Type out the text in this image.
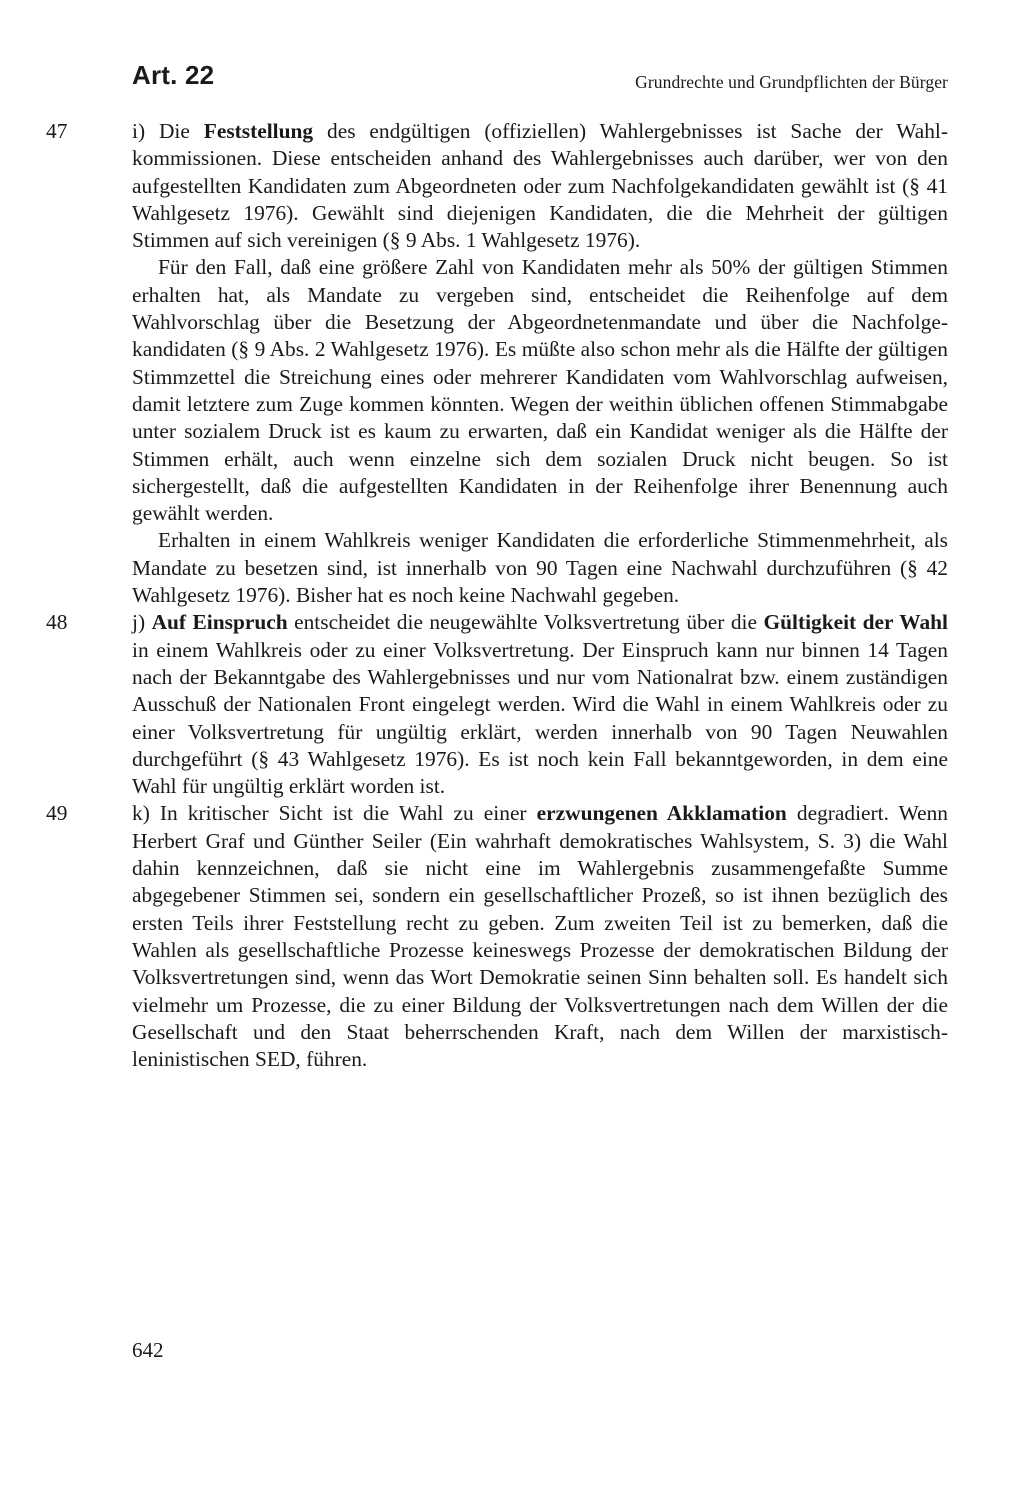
Art. 22	Grundrechte und Grundpflichten der Bürger

47	i) Die Feststellung des endgültigen (offiziellen) Wahlergebnisses ist Sache der Wahlkommissionen. Diese entscheiden anhand des Wahlergebnisses auch darüber, wer von den aufgestellten Kandidaten zum Abgeordneten oder zum Nachfolgekandidaten gewählt ist (§ 41 Wahlgesetz 1976). Gewählt sind diejenigen Kandidaten, die die Mehrheit der gültigen Stimmen auf sich vereinigen (§ 9 Abs. 1 Wahlgesetz 1976).

Für den Fall, daß eine größere Zahl von Kandidaten mehr als 50% der gültigen Stimmen erhalten hat, als Mandate zu vergeben sind, entscheidet die Reihenfolge auf dem Wahlvorschlag über die Besetzung der Abgeordnetenmandate und über die Nachfolgekandidaten (§ 9 Abs. 2 Wahlgesetz 1976). Es müßte also schon mehr als die Hälfte der gültigen Stimmzettel die Streichung eines oder mehrerer Kandidaten vom Wahlvorschlag aufweisen, damit letztere zum Zuge kommen könnten. Wegen der weithin üblichen offenen Stimmabgabe unter sozialem Druck ist es kaum zu erwarten, daß ein Kandidat weniger als die Hälfte der Stimmen erhält, auch wenn einzelne sich dem sozialen Druck nicht beugen. So ist sichergestellt, daß die aufgestellten Kandidaten in der Reihenfolge ihrer Benennung auch gewählt werden.

Erhalten in einem Wahlkreis weniger Kandidaten die erforderliche Stimmenmehrheit, als Mandate zu besetzen sind, ist innerhalb von 90 Tagen eine Nachwahl durchzuführen (§ 42 Wahlgesetz 1976). Bisher hat es noch keine Nachwahl gegeben.

48	j) Auf Einspruch entscheidet die neugewählte Volksvertretung über die Gültigkeit der Wahl in einem Wahlkreis oder zu einer Volksvertretung. Der Einspruch kann nur binnen 14 Tagen nach der Bekanntgabe des Wahlergebnisses und nur vom Nationalrat bzw. einem zuständigen Ausschuß der Nationalen Front eingelegt werden. Wird die Wahl in einem Wahlkreis oder zu einer Volksvertretung für ungültig erklärt, werden innerhalb von 90 Tagen Neuwahlen durchgeführt (§ 43 Wahlgesetz 1976). Es ist noch kein Fall bekanntgeworden, in dem eine Wahl für ungültig erklärt worden ist.

49	k) In kritischer Sicht ist die Wahl zu einer erzwungenen Akklamation degradiert. Wenn Herbert Graf und Günther Seiler (Ein wahrhaft demokratisches Wahlsystem, S. 3) die Wahl dahin kennzeichnen, daß sie nicht eine im Wahlergebnis zusammengefaßte Summe abgegebener Stimmen sei, sondern ein gesellschaftlicher Prozeß, so ist ihnen bezüglich des ersten Teils ihrer Feststellung recht zu geben. Zum zweiten Teil ist zu bemerken, daß die Wahlen als gesellschaftliche Prozesse keineswegs Prozesse der demokratischen Bildung der Volksvertretungen sind, wenn das Wort Demokratie seinen Sinn behalten soll. Es handelt sich vielmehr um Prozesse, die zu einer Bildung der Volksvertretungen nach dem Willen der die Gesellschaft und den Staat beherrschenden Kraft, nach dem Willen der marxistisch-leninistischen SED, führen.

642
